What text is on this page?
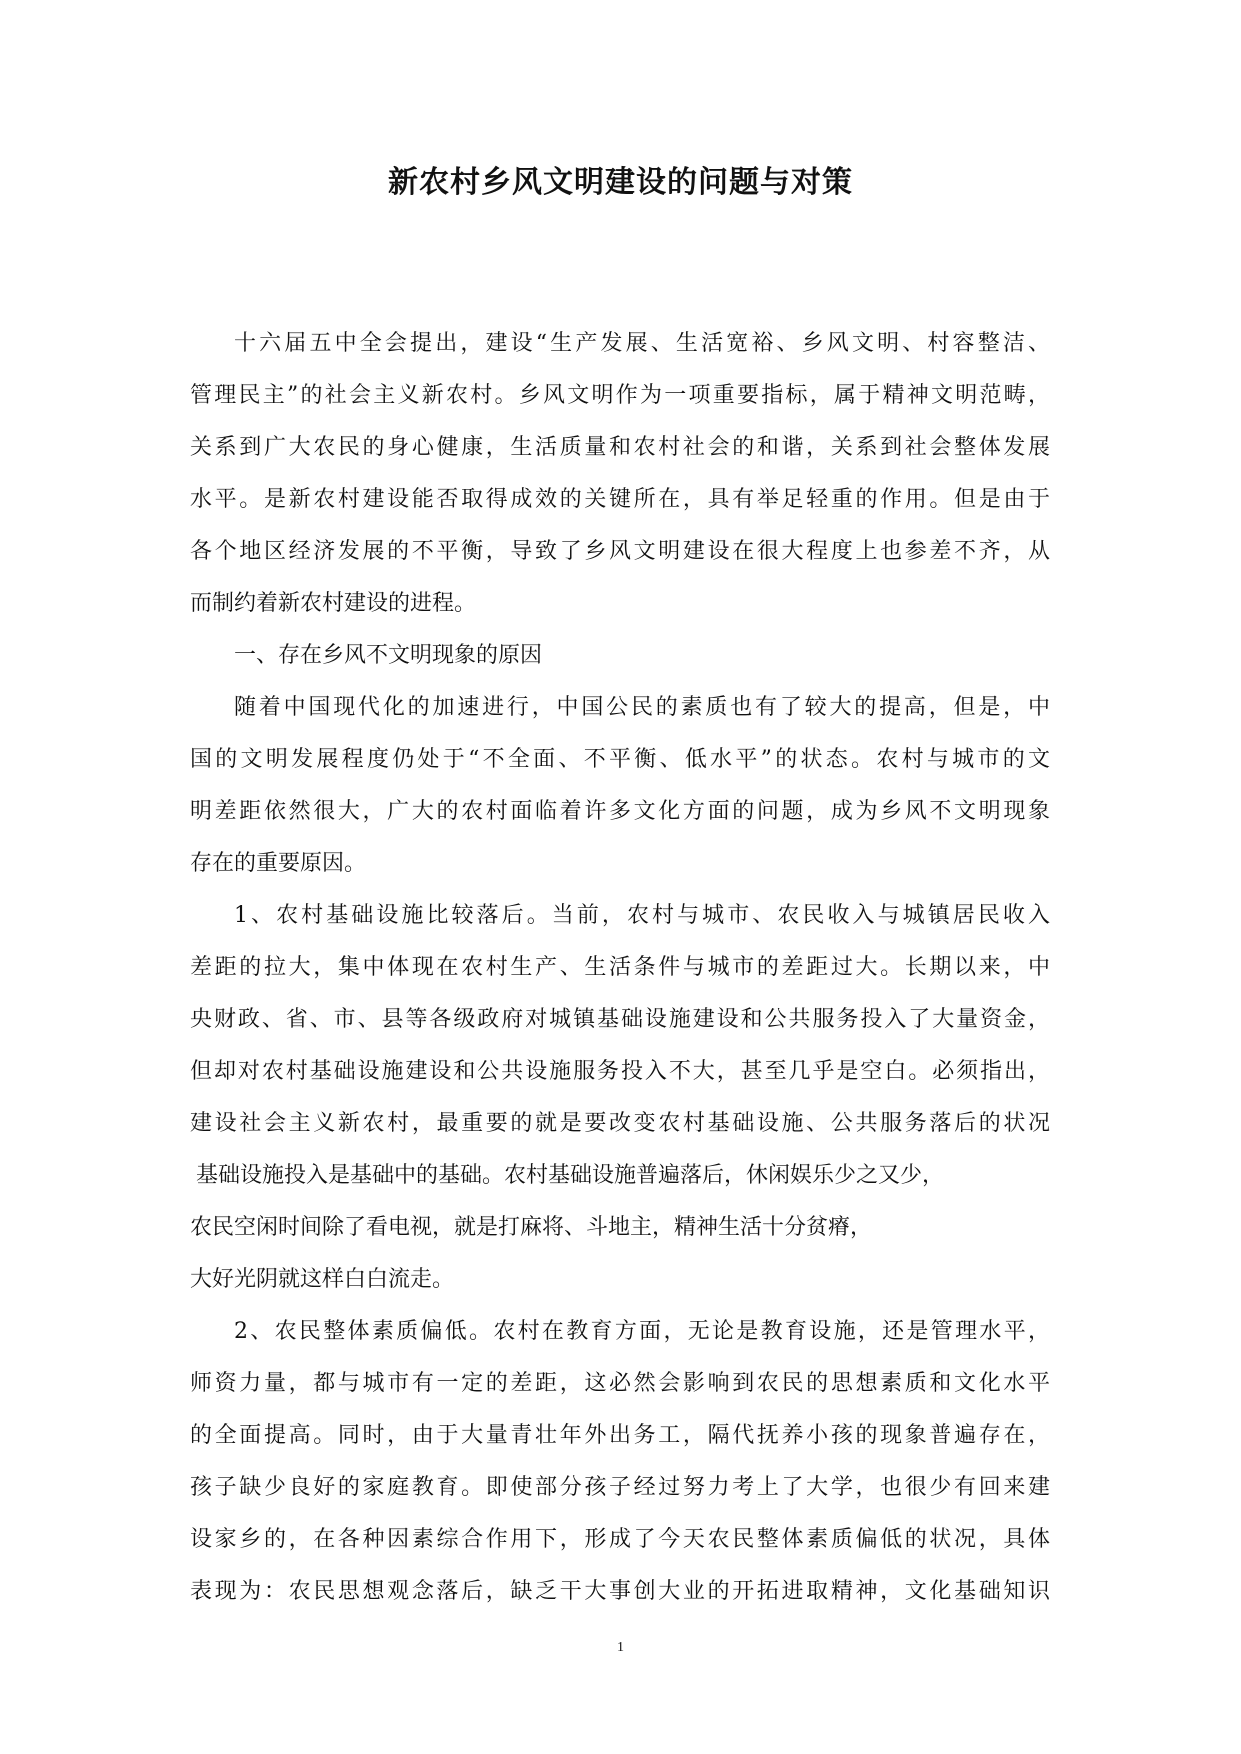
新农村乡风文明建设的问题与对策
十六届五中全会提出，建设“生产发展、生活宽裕、乡风文明、村容整洁、
管理民主”的社会主义新农村。乡风文明作为一项重要指标，属于精神文明范畴，
关系到广大农民的身心健康，生活质量和农村社会的和谐，关系到社会整体发展
水平。是新农村建设能否取得成效的关键所在，具有举足轻重的作用。但是由于
各个地区经济发展的不平衡，导致了乡风文明建设在很大程度上也参差不齐，从
而制约着新农村建设的进程。
一、存在乡风不文明现象的原因
随着中国现代化的加速进行，中国公民的素质也有了较大的提高，但是，中
国的文明发展程度仍处于“不全面、不平衡、低水平”的状态。农村与城市的文
明差距依然很大，广大的农村面临着许多文化方面的问题，成为乡风不文明现象
存在的重要原因。
1、农村基础设施比较落后。当前，农村与城市、农民收入与城镇居民收入
差距的拉大，集中体现在农村生产、生活条件与城市的差距过大。长期以来，中
央财政、省、市、县等各级政府对城镇基础设施建设和公共服务投入了大量资金，
但却对农村基础设施建设和公共设施服务投入不大，甚至几乎是空白。必须指出，
建设社会主义新农村，最重要的就是要改变农村基础设施、公共服务落后的状况
基础设施投入是基础中的基础。农村基础设施普遍落后，休闲娱乐少之又少，
农民空闲时间除了看电视，就是打麻将、斗地主，精神生活十分贫瘠，
大好光阴就这样白白流走。
2、农民整体素质偏低。农村在教育方面，无论是教育设施，还是管理水平，
师资力量，都与城市有一定的差距，这必然会影响到农民的思想素质和文化水平
的全面提高。同时，由于大量青壮年外出务工，隔代抚养小孩的现象普遍存在，
孩子缺少良好的家庭教育。即使部分孩子经过努力考上了大学，也很少有回来建
设家乡的，在各种因素综合作用下，形成了今天农民整体素质偏低的状况，具体
表现为：农民思想观念落后，缺乏干大事创大业的开拓进取精神，文化基础知识
1
